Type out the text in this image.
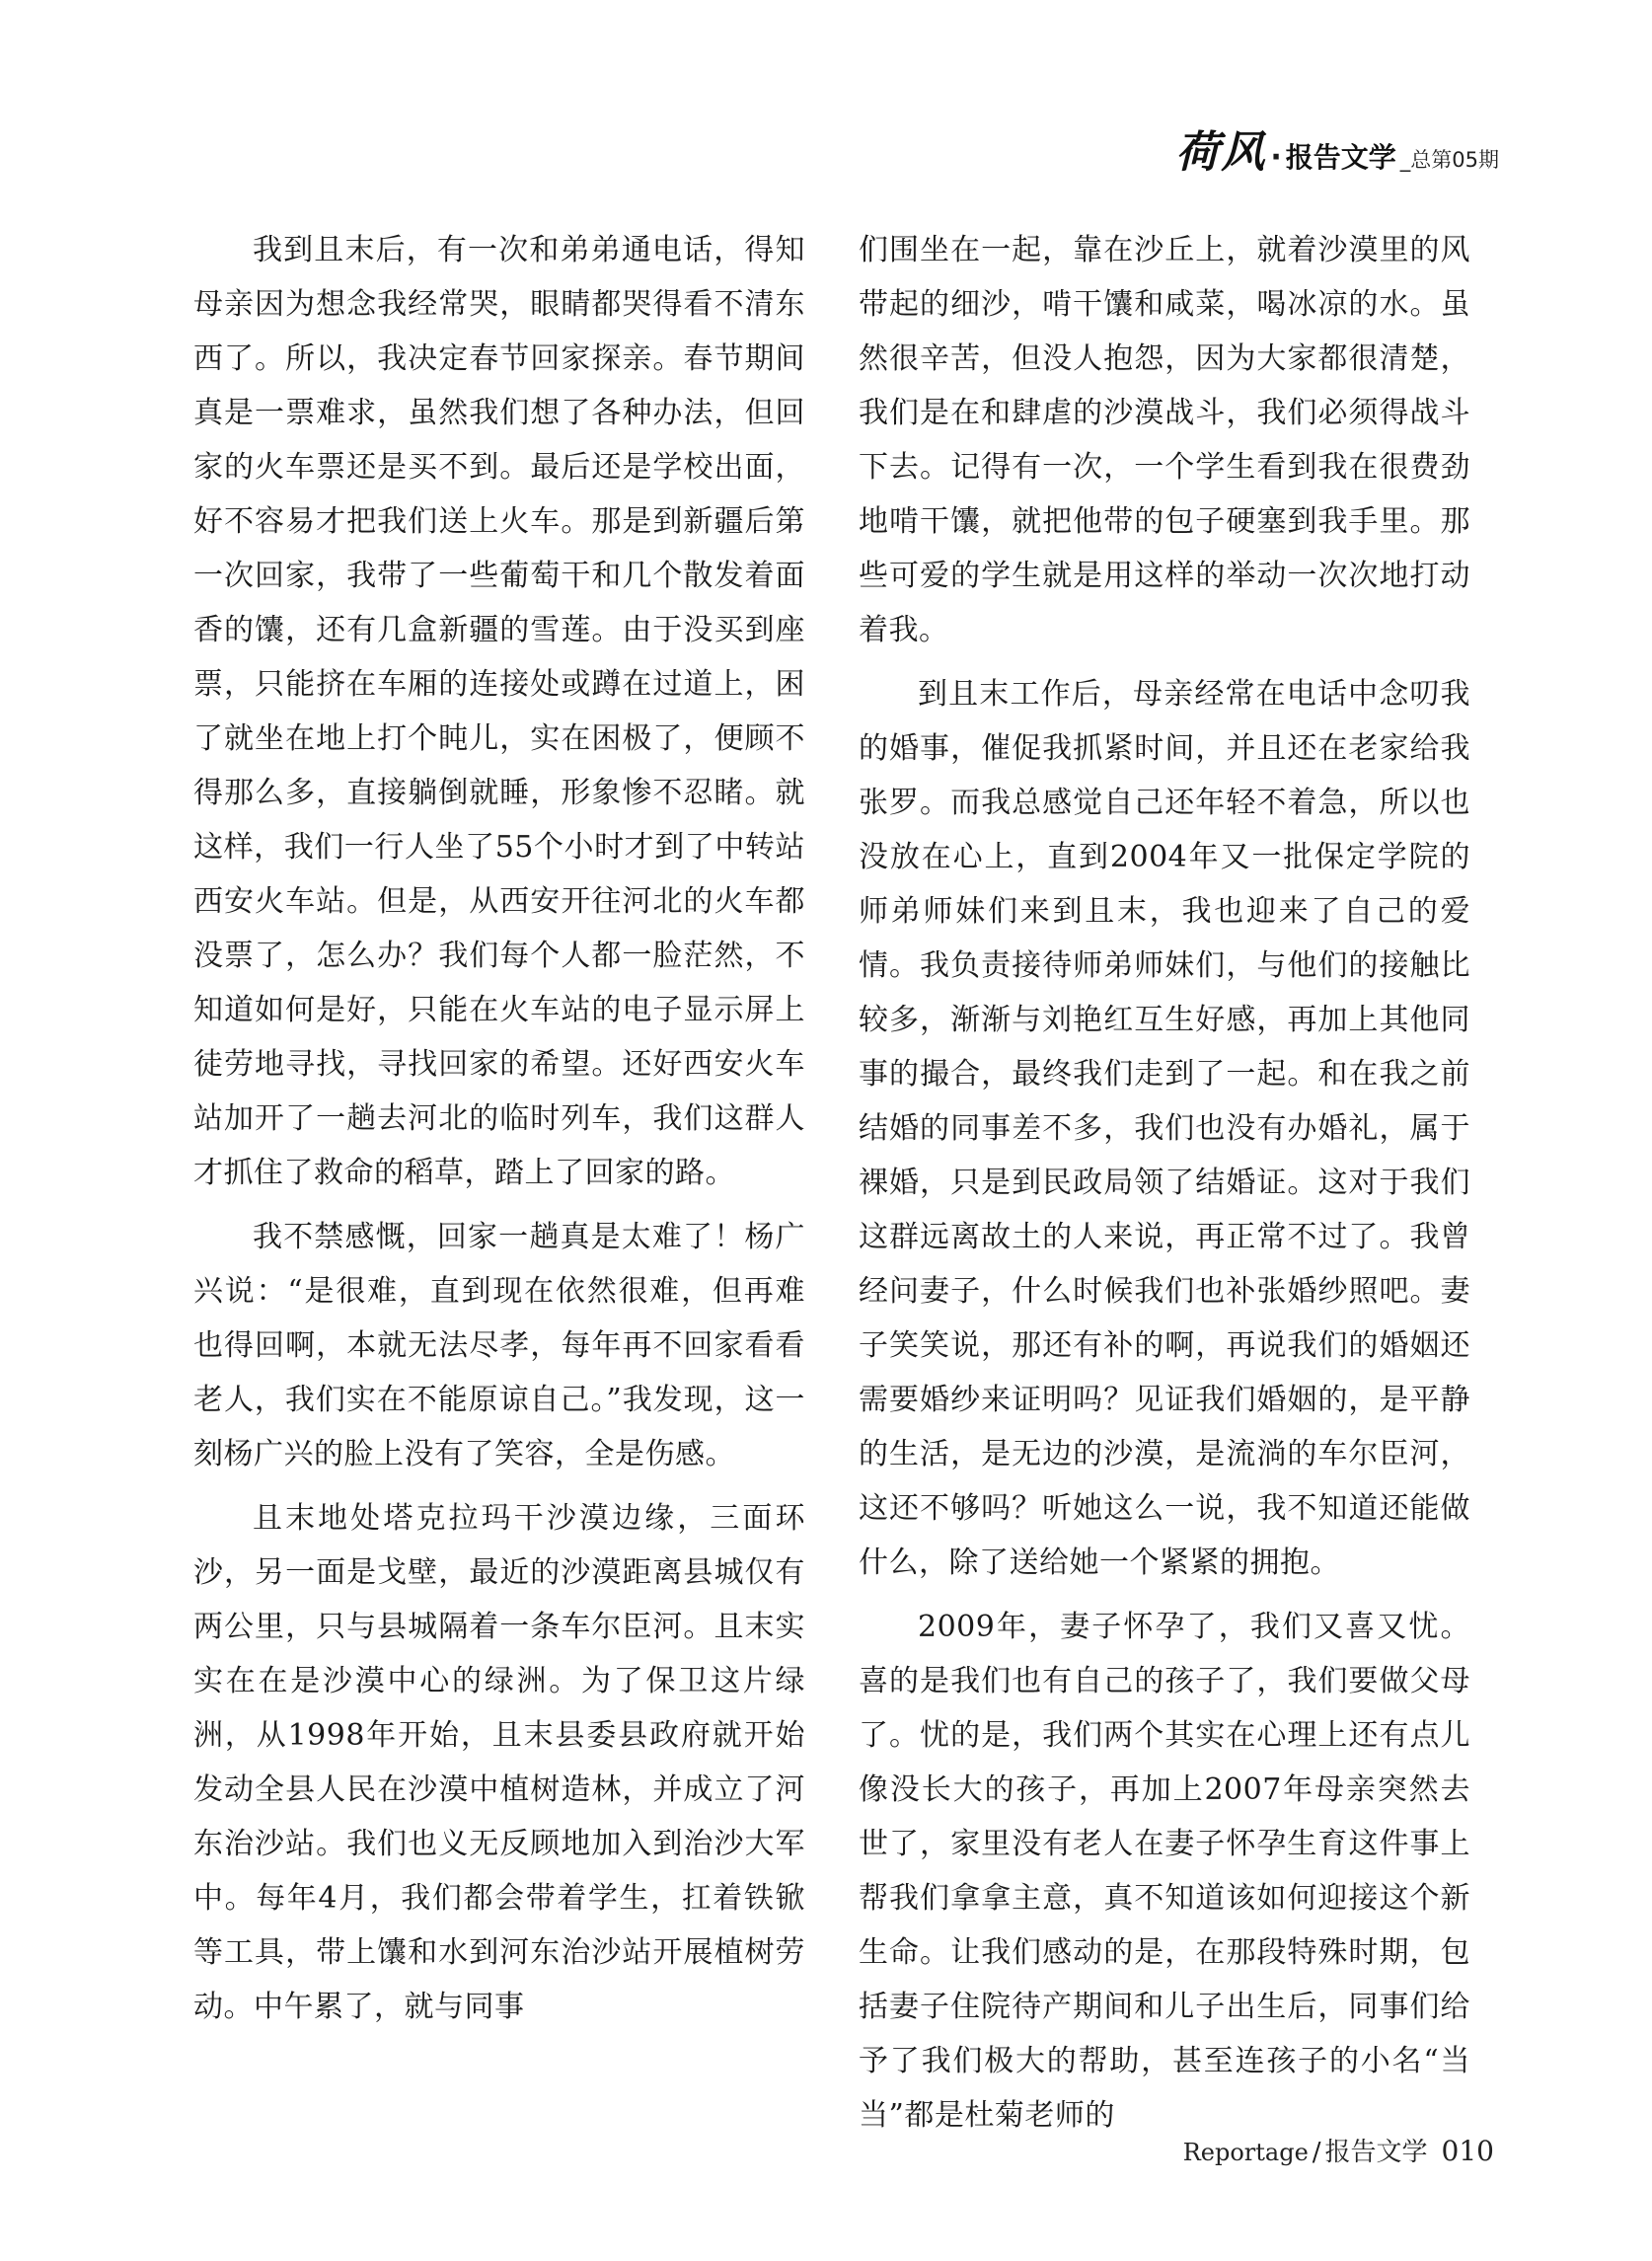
荷风 · 报告文学 _总第05期

我到且末后，有一次和弟弟通电话，得知母亲因为想念我经常哭，眼睛都哭得看不清东西了。所以，我决定春节回家探亲。春节期间真是一票难求，虽然我们想了各种办法，但回家的火车票还是买不到。最后还是学校出面，好不容易才把我们送上火车。那是到新疆后第一次回家，我带了一些葡萄干和几个散发着面香的馕，还有几盒新疆的雪莲。由于没买到座票，只能挤在车厢的连接处或蹲在过道上，困了就坐在地上打个盹儿，实在困极了，便顾不得那么多，直接躺倒就睡，形象惨不忍睹。就这样，我们一行人坐了55个小时才到了中转站西安火车站。但是，从西安开往河北的火车都没票了，怎么办？我们每个人都一脸茫然，不知道如何是好，只能在火车站的电子显示屏上徒劳地寻找，寻找回家的希望。还好西安火车站加开了一趟去河北的临时列车，我们这群人才抓住了救命的稻草，踏上了回家的路。

我不禁感慨，回家一趟真是太难了！杨广兴说：“是很难，直到现在依然很难，但再难也得回啊，本就无法尽孝，每年再不回家看看老人，我们实在不能原谅自己。”我发现，这一刻杨广兴的脸上没有了笑容，全是伤感。

且末地处塔克拉玛干沙漠边缘，三面环沙，另一面是戈壁，最近的沙漠距离县城仅有两公里，只与县城隔着一条车尔臣河。且末实实在在是沙漠中心的绿洲。为了保卫这片绿洲，从1998年开始，且末县委县政府就开始发动全县人民在沙漠中植树造林，并成立了河东治沙站。我们也义无反顾地加入到治沙大军中。每年4月，我们都会带着学生，扛着铁锨等工具，带上馕和水到河东治沙站开展植树劳动。中午累了，就与同事

们围坐在一起，靠在沙丘上，就着沙漠里的风带起的细沙，啃干馕和咸菜，喝冰凉的水。虽然很辛苦，但没人抱怨，因为大家都很清楚，我们是在和肆虐的沙漠战斗，我们必须得战斗下去。记得有一次，一个学生看到我在很费劲地啃干馕，就把他带的包子硬塞到我手里。那些可爱的学生就是用这样的举动一次次地打动着我。

到且末工作后，母亲经常在电话中念叨我的婚事，催促我抓紧时间，并且还在老家给我张罗。而我总感觉自己还年轻不着急，所以也没放在心上，直到2004年又一批保定学院的师弟师妹们来到且末，我也迎来了自己的爱情。我负责接待师弟师妹们，与他们的接触比较多，渐渐与刘艳红互生好感，再加上其他同事的撮合，最终我们走到了一起。和在我之前结婚的同事差不多，我们也没有办婚礼，属于裸婚，只是到民政局领了结婚证。这对于我们这群远离故土的人来说，再正常不过了。我曾经问妻子，什么时候我们也补张婚纱照吧。妻子笑笑说，那还有补的啊，再说我们的婚姻还需要婚纱来证明吗？见证我们婚姻的，是平静的生活，是无边的沙漠，是流淌的车尔臣河，这还不够吗？听她这么一说，我不知道还能做什么，除了送给她一个紧紧的拥抱。

2009年，妻子怀孕了，我们又喜又忧。喜的是我们也有自己的孩子了，我们要做父母了。忧的是，我们两个其实在心理上还有点儿像没长大的孩子，再加上2007年母亲突然去世了，家里没有老人在妻子怀孕生育这件事上帮我们拿拿主意，真不知道该如何迎接这个新生命。让我们感动的是，在那段特殊时期，包括妻子住院待产期间和儿子出生后，同事们给予了我们极大的帮助，甚至连孩子的小名“当当”都是杜菊老师的

Reportage / 报告文学 010
